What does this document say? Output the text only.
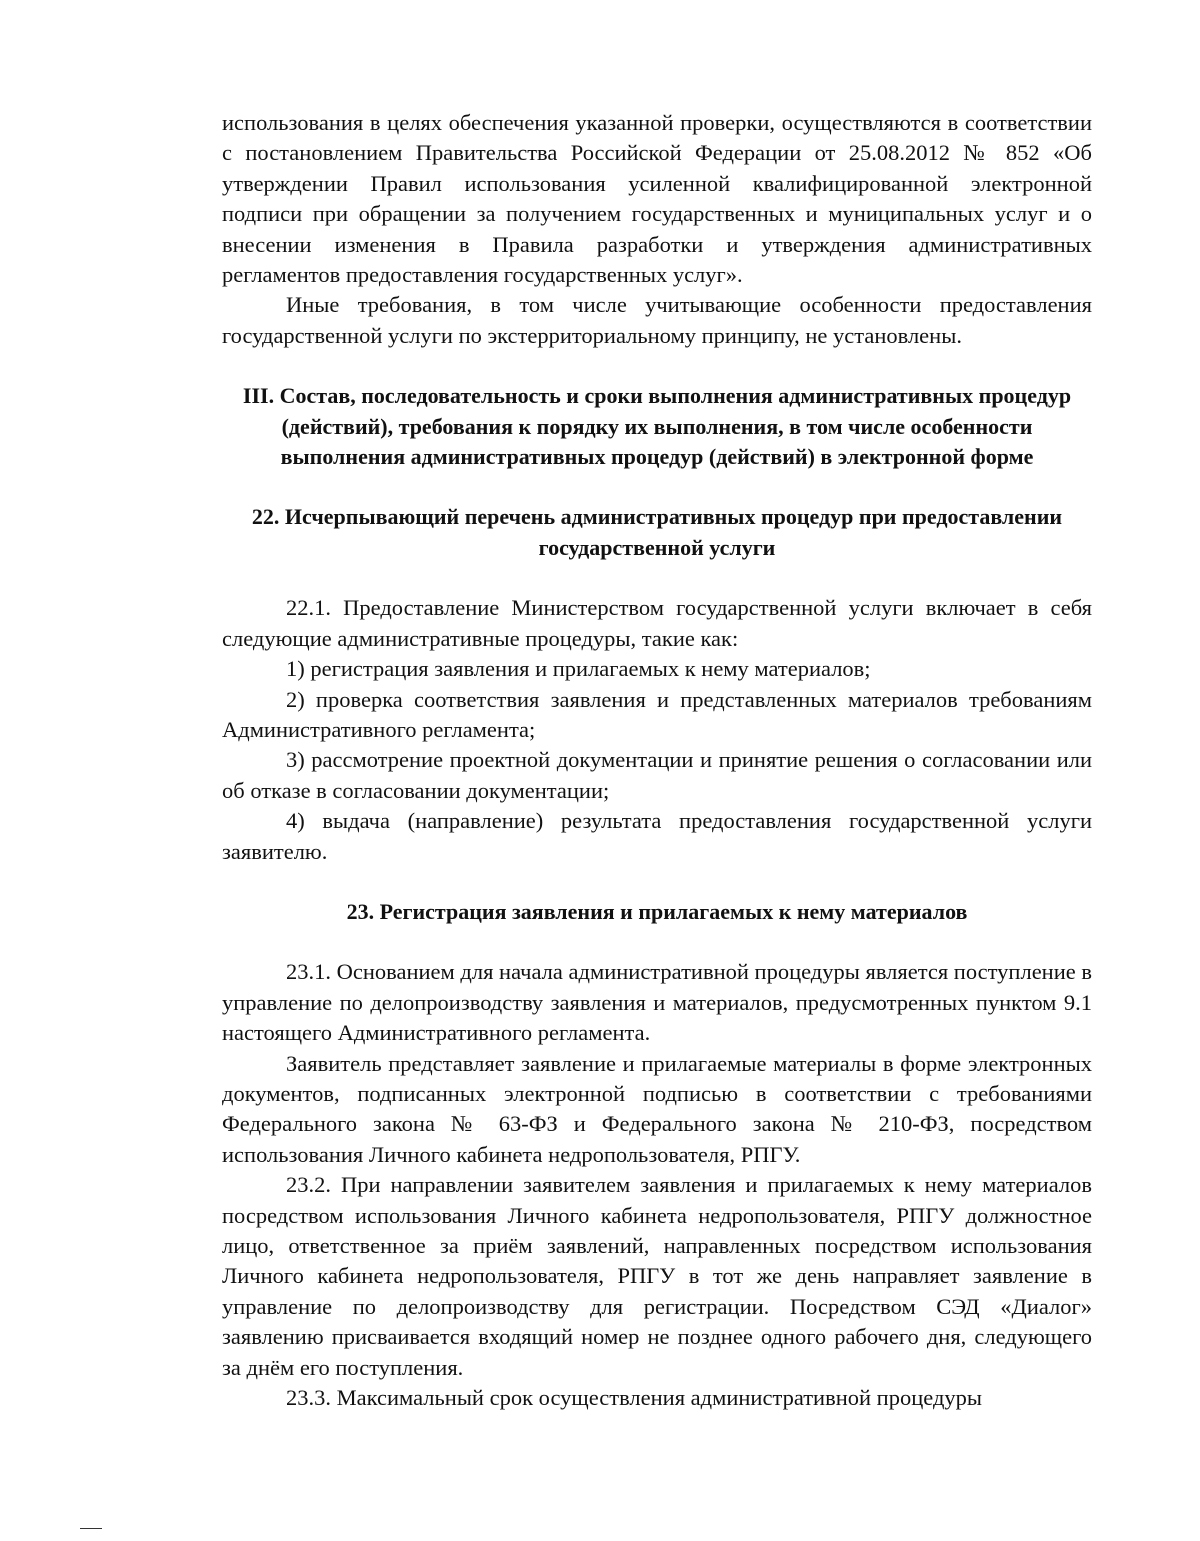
использования в целях обеспечения указанной проверки, осуществляются в соответствии с постановлением Правительства Российской Федерации от 25.08.2012 № 852 «Об утверждении Правил использования усиленной квалифицированной электронной подписи при обращении за получением государственных и муниципальных услуг и о внесении изменения в Правила разработки и утверждения административных регламентов предоставления государственных услуг».

Иные требования, в том числе учитывающие особенности предоставления государственной услуги по экстерриториальному принципу, не установлены.

III. Состав, последовательность и сроки выполнения административных процедур (действий), требования к порядку их выполнения, в том числе особенности выполнения административных процедур (действий) в электронной форме
22. Исчерпывающий перечень административных процедур при предоставлении государственной услуги

22.1. Предоставление Министерством государственной услуги включает в себя следующие административные процедуры, такие как:

1) регистрация заявления и прилагаемых к нему материалов;

2) проверка соответствия заявления и представленных материалов требованиям Административного регламента;

3) рассмотрение проектной документации и принятие решения о согласовании или об отказе в согласовании документации;

4) выдача (направление) результата предоставления государственной услуги заявителю.

23. Регистрация заявления и прилагаемых к нему материалов

23.1. Основанием для начала административной процедуры является поступление в управление по делопроизводству заявления и материалов, предусмотренных пунктом 9.1 настоящего Административного регламента.

Заявитель представляет заявление и прилагаемые материалы в форме электронных документов, подписанных электронной подписью в соответствии с требованиями Федерального закона № 63-ФЗ и Федерального закона № 210-ФЗ, посредством использования Личного кабинета недропользователя, РПГУ.

23.2. При направлении заявителем заявления и прилагаемых к нему материалов посредством использования Личного кабинета недропользователя, РПГУ должностное лицо, ответственное за приём заявлений, направленных посредством использования Личного кабинета недропользователя, РПГУ в тот же день направляет заявление в управление по делопроизводству для регистрации. Посредством СЭД «Диалог» заявлению присваивается входящий номер не позднее одного рабочего дня, следующего за днём его поступления.

23.3. Максимальный срок осуществления административной процедуры
